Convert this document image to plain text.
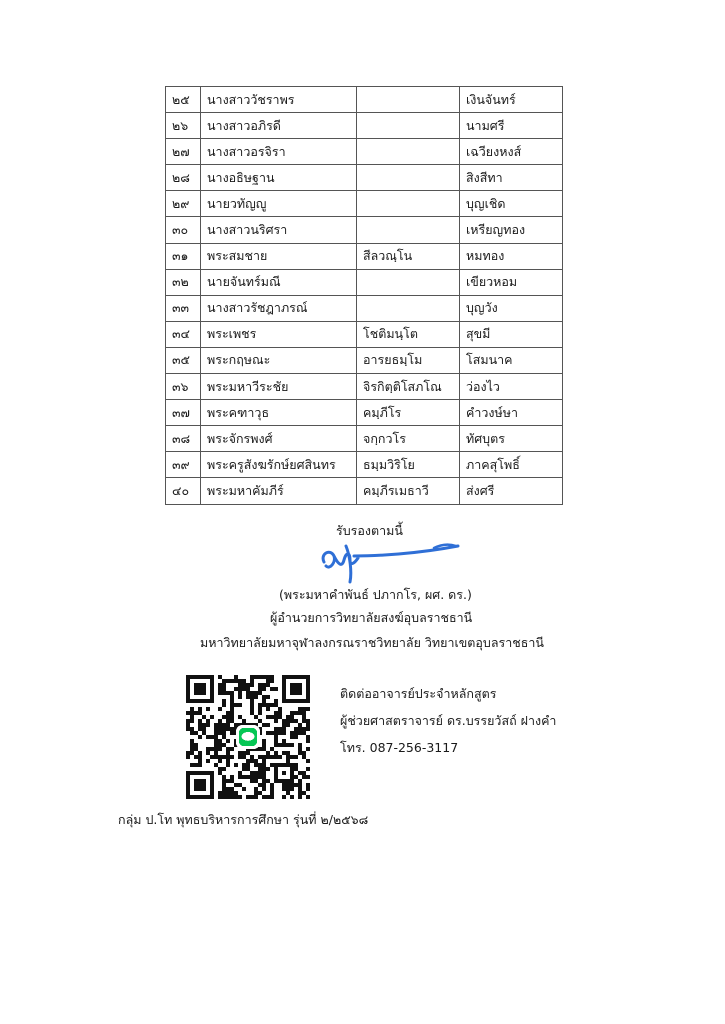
๒๕	นางสาววัชราพร		เงินจันทร์
๒๖	นางสาวอภิรดี		นามศรี
๒๗	นางสาวอรจิรา		เฉวียงหงส์
๒๘	นางอธิษฐาน		สิงสีทา
๒๙	นายวทัญญู		บุญเชิด
๓๐	นางสาวนริศรา		เหรียญทอง
๓๑	พระสมชาย	สีลวณฺโน	หมทอง
๓๒	นายจันทร์มณี		เขียวหอม
๓๓	นางสาวรัชฎาภรณ์		บุญวัง
๓๔	พระเพชร	โชติมนฺโต	สุขมี
๓๕	พระกฤษณะ	อารยธมฺโม	โสมนาค
๓๖	พระมหาวีระชัย	จิรกิตฺติโสภโณ	ว่องไว
๓๗	พระคฑาวุธ	คมฺภีโร	คำวงษ์ษา
๓๘	พระจักรพงศ์	จกฺกวโร	ทัศบุตร
๓๙	พระครูสังฆรักษ์ยศสินทร	ธมฺมวิริโย	ภาคสุโพธิ์
๔๐	พระมหาคัมภีร์	คมฺภีรเมธาวี	ส่งศรี
รับรองตามนี้
(พระมหาคำพันธ์ ปภากโร, ผศ. ดร.)
ผู้อำนวยการวิทยาลัยสงฆ์อุบลราชธานี
มหาวิทยาลัยมหาจุฬาลงกรณราชวิทยาลัย วิทยาเขตอุบลราชธานี
ติดต่ออาจารย์ประจำหลักสูตร
ผู้ช่วยศาสตราจารย์ ดร.บรรยวัสถ์ ฝางคำ
โทร. 087-256-3117
กลุ่ม ป.โท พุทธบริหารการศึกษา รุ่นที่ ๒/๒๕๖๘
